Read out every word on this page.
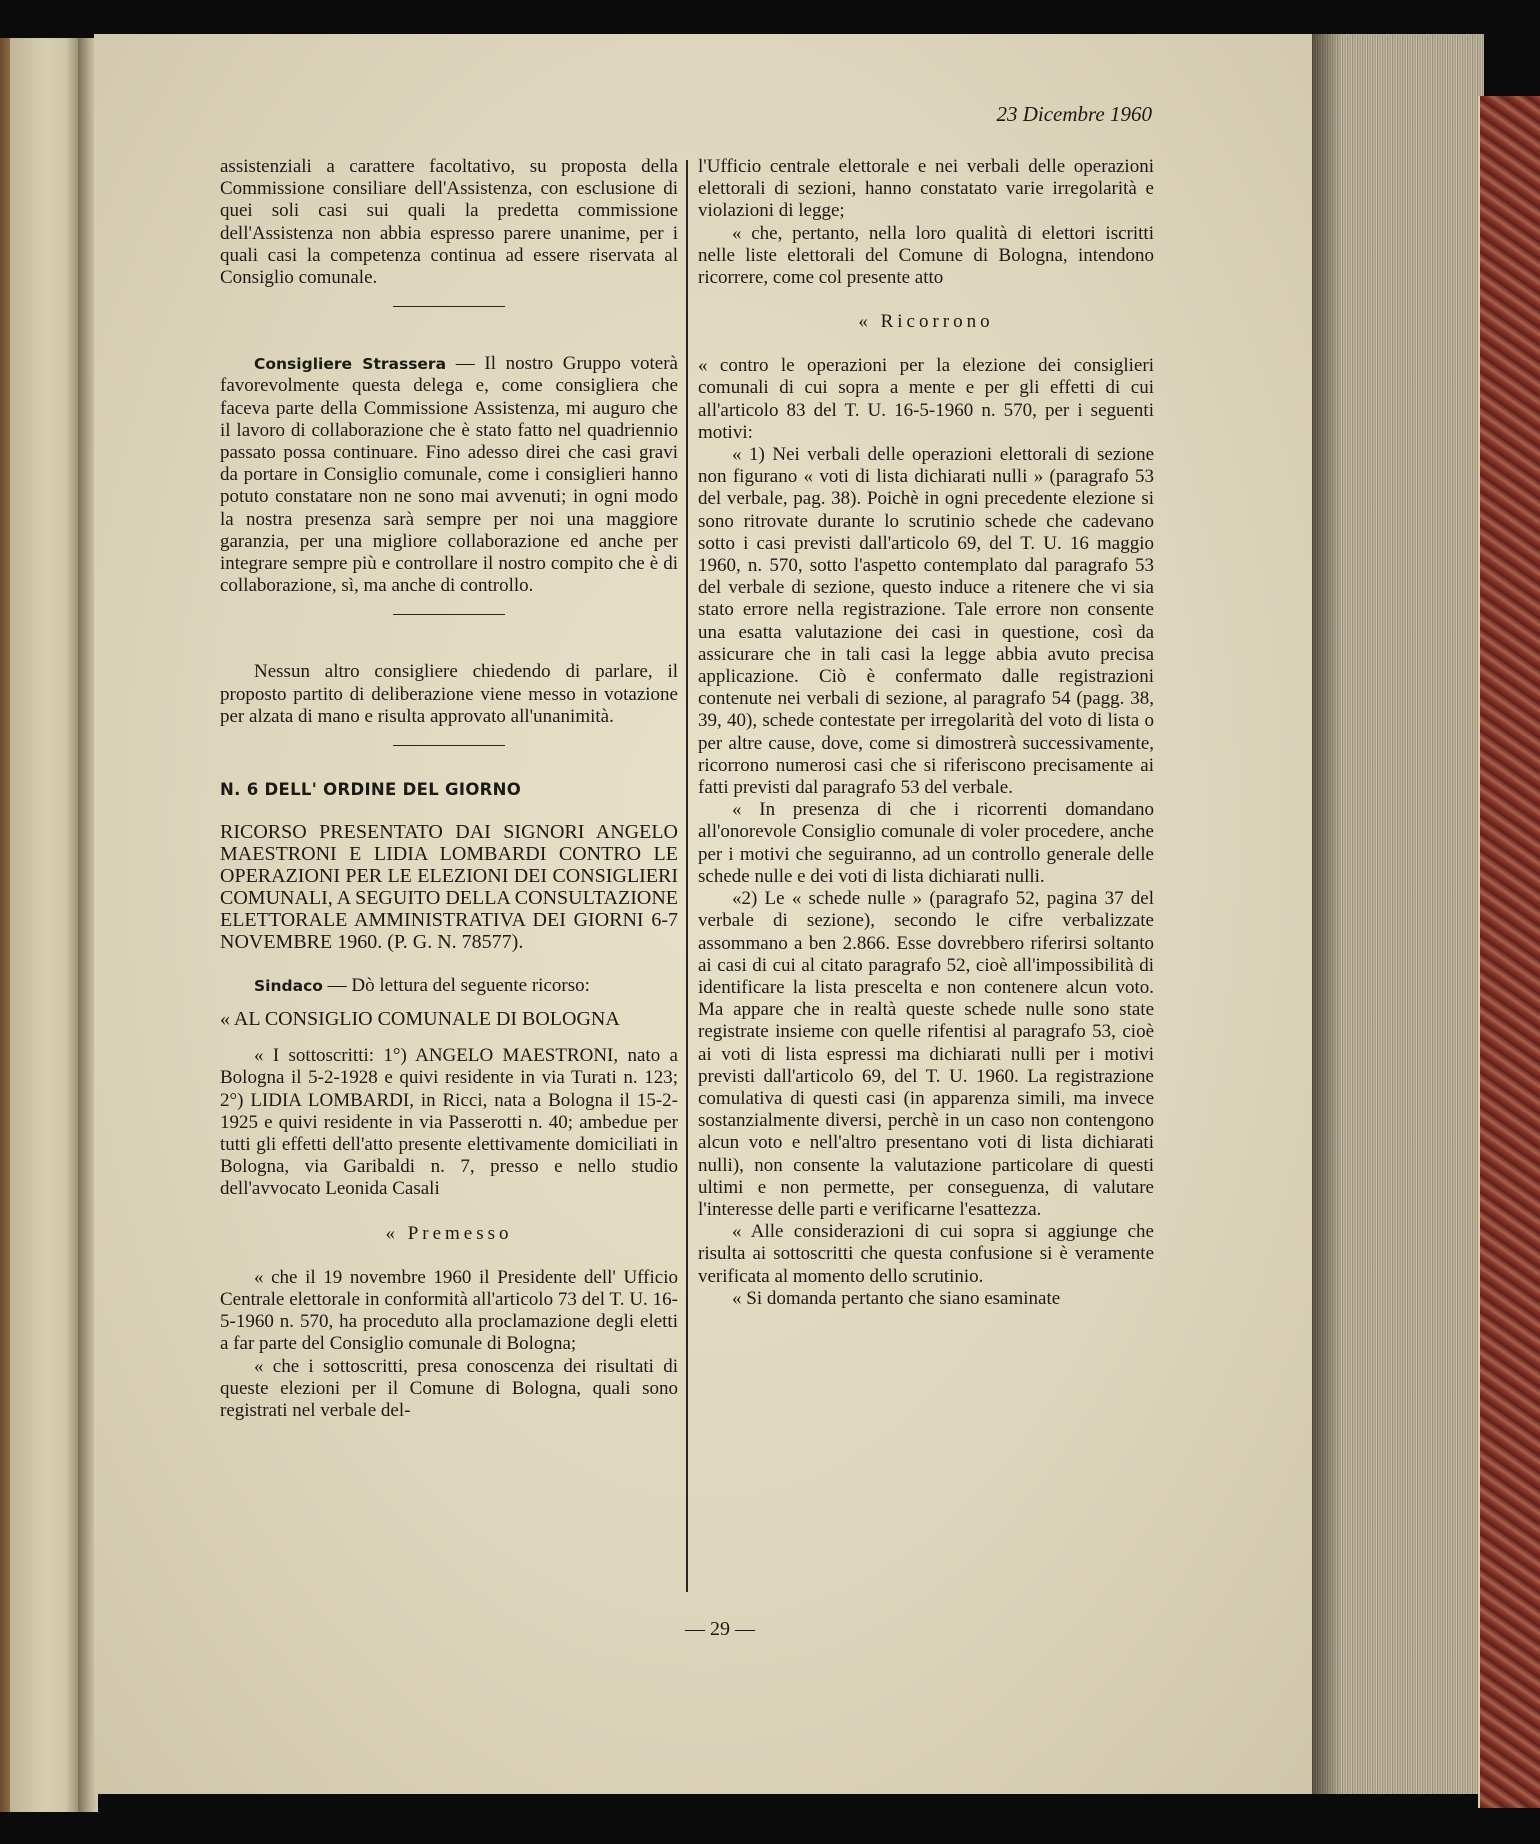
23 Dicembre 1960

assistenziali a carattere facoltativo, su proposta della Commissione consiliare dell'Assistenza, con esclusione di quei soli casi sui quali la predetta commissione dell'Assistenza non abbia espresso parere unanime, per i quali casi la competenza continua ad essere riservata al Consiglio comunale.

Consigliere Strassera — Il nostro Gruppo voterà favorevolmente questa delega e, come consigliera che faceva parte della Commissione Assistenza, mi auguro che il lavoro di collaborazione che è stato fatto nel quadriennio passato possa continuare. Fino adesso direi che casi gravi da portare in Consiglio comunale, come i consiglieri hanno potuto constatare non ne sono mai avvenuti; in ogni modo la nostra presenza sarà sempre per noi una maggiore garanzia, per una migliore collaborazione ed anche per integrare sempre più e controllare il nostro compito che è di collaborazione, sì, ma anche di controllo.

Nessun altro consigliere chiedendo di parlare, il proposto partito di deliberazione viene messo in votazione per alzata di mano e risulta approvato all'unanimità.

N. 6 DELL' ORDINE DEL GIORNO

RICORSO PRESENTATO DAI SIGNORI ANGELO MAESTRONI E LIDIA LOMBARDI CONTRO LE OPERAZIONI PER LE ELEZIONI DEI CONSIGLIERI COMUNALI, A SEGUITO DELLA CONSULTAZIONE ELETTORALE AMMINISTRATIVA DEI GIORNI 6-7 NOVEMBRE 1960. (P. G. N. 78577).

Sindaco — Dò lettura del seguente ricorso:

« AL CONSIGLIO COMUNALE DI BOLOGNA

« I sottoscritti: 1°) ANGELO MAESTRONI, nato a Bologna il 5-2-1928 e quivi residente in via Turati n. 123; 2°) LIDIA LOMBARDI, in Ricci, nata a Bologna il 15-2-1925 e quivi residente in via Passerotti n. 40; ambedue per tutti gli effetti dell'atto presente elettivamente domiciliati in Bologna, via Garibaldi n. 7, presso e nello studio dell'avvocato Leonida Casali

« Premesso

« che il 19 novembre 1960 il Presidente dell' Ufficio Centrale elettorale in conformità all'articolo 73 del T. U. 16-5-1960 n. 570, ha proceduto alla proclamazione degli eletti a far parte del Consiglio comunale di Bologna;

« che i sottoscritti, presa conoscenza dei risultati di queste elezioni per il Comune di Bologna, quali sono registrati nel verbale del-

l'Ufficio centrale elettorale e nei verbali delle operazioni elettorali di sezioni, hanno constatato varie irregolarità e violazioni di legge;

« che, pertanto, nella loro qualità di elettori iscritti nelle liste elettorali del Comune di Bologna, intendono ricorrere, come col presente atto

« Ricorrono

« contro le operazioni per la elezione dei consiglieri comunali di cui sopra a mente e per gli effetti di cui all'articolo 83 del T. U. 16-5-1960 n. 570, per i seguenti motivi:

« 1) Nei verbali delle operazioni elettorali di sezione non figurano « voti di lista dichiarati nulli » (paragrafo 53 del verbale, pag. 38). Poichè in ogni precedente elezione si sono ritrovate durante lo scrutinio schede che cadevano sotto i casi previsti dall'articolo 69, del T. U. 16 maggio 1960, n. 570, sotto l'aspetto contemplato dal paragrafo 53 del verbale di sezione, questo induce a ritenere che vi sia stato errore nella registrazione. Tale errore non consente una esatta valutazione dei casi in questione, così da assicurare che in tali casi la legge abbia avuto precisa applicazione. Ciò è confermato dalle registrazioni contenute nei verbali di sezione, al paragrafo 54 (pagg. 38, 39, 40), schede contestate per irregolarità del voto di lista o per altre cause, dove, come si dimostrerà successivamente, ricorrono numerosi casi che si riferiscono precisamente ai fatti previsti dal paragrafo 53 del verbale.

« In presenza di che i ricorrenti domandano all'onorevole Consiglio comunale di voler procedere, anche per i motivi che seguiranno, ad un controllo generale delle schede nulle e dei voti di lista dichiarati nulli.

«2) Le « schede nulle » (paragrafo 52, pagina 37 del verbale di sezione), secondo le cifre verbalizzate assommano a ben 2.866. Esse dovrebbero riferirsi soltanto ai casi di cui al citato paragrafo 52, cioè all'impossibilità di identificare la lista prescelta e non contenere alcun voto. Ma appare che in realtà queste schede nulle sono state registrate insieme con quelle rifentisi al paragrafo 53, cioè ai voti di lista espressi ma dichiarati nulli per i motivi previsti dall'articolo 69, del T. U. 1960. La registrazione comulativa di questi casi (in apparenza simili, ma invece sostanzialmente diversi, perchè in un caso non contengono alcun voto e nell'altro presentano voti di lista dichiarati nulli), non consente la valutazione particolare di questi ultimi e non permette, per conseguenza, di valutare l'interesse delle parti e verificarne l'esattezza.

« Alle considerazioni di cui sopra si aggiunge che risulta ai sottoscritti che questa confusione si è veramente verificata al momento dello scrutinio.

« Si domanda pertanto che siano esaminate

— 29 —
